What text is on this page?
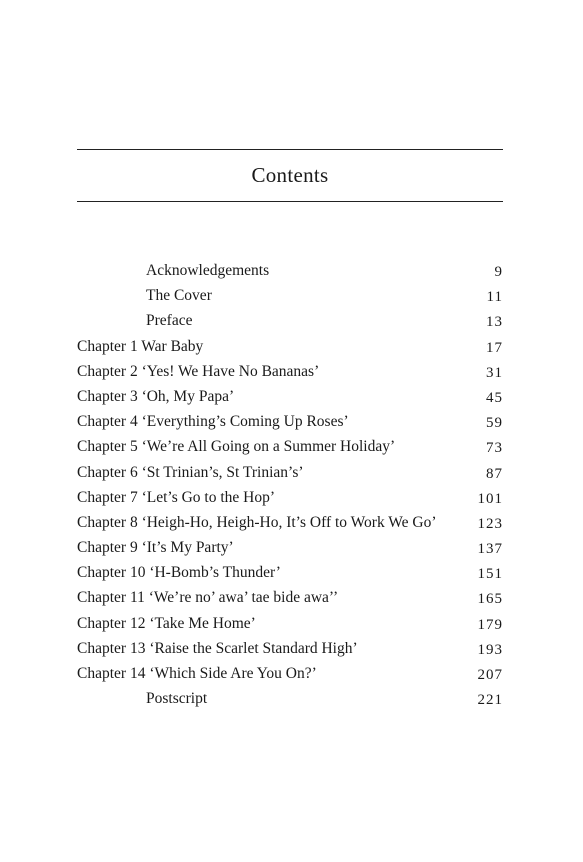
Contents
Acknowledgements	9
The Cover	11
Preface	13
Chapter 1 War Baby	17
Chapter 2 ‘Yes! We Have No Bananas’	31
Chapter 3 ‘Oh, My Papa’	45
Chapter 4 ‘Everything’s Coming Up Roses’	59
Chapter 5 ‘We’re All Going on a Summer Holiday’	73
Chapter 6 ‘St Trinian’s, St Trinian’s’	87
Chapter 7 ‘Let’s Go to the Hop’	101
Chapter 8 ‘Heigh-Ho, Heigh-Ho, It’s Off to Work We Go’	123
Chapter 9 ‘It’s My Party’	137
Chapter 10 ‘H-Bomb’s Thunder’	151
Chapter 11 ‘We’re no’ awa’ tae bide awa’’	165
Chapter 12 ‘Take Me Home’	179
Chapter 13 ‘Raise the Scarlet Standard High’	193
Chapter 14 ‘Which Side Are You On?’	207
Postscript	221
